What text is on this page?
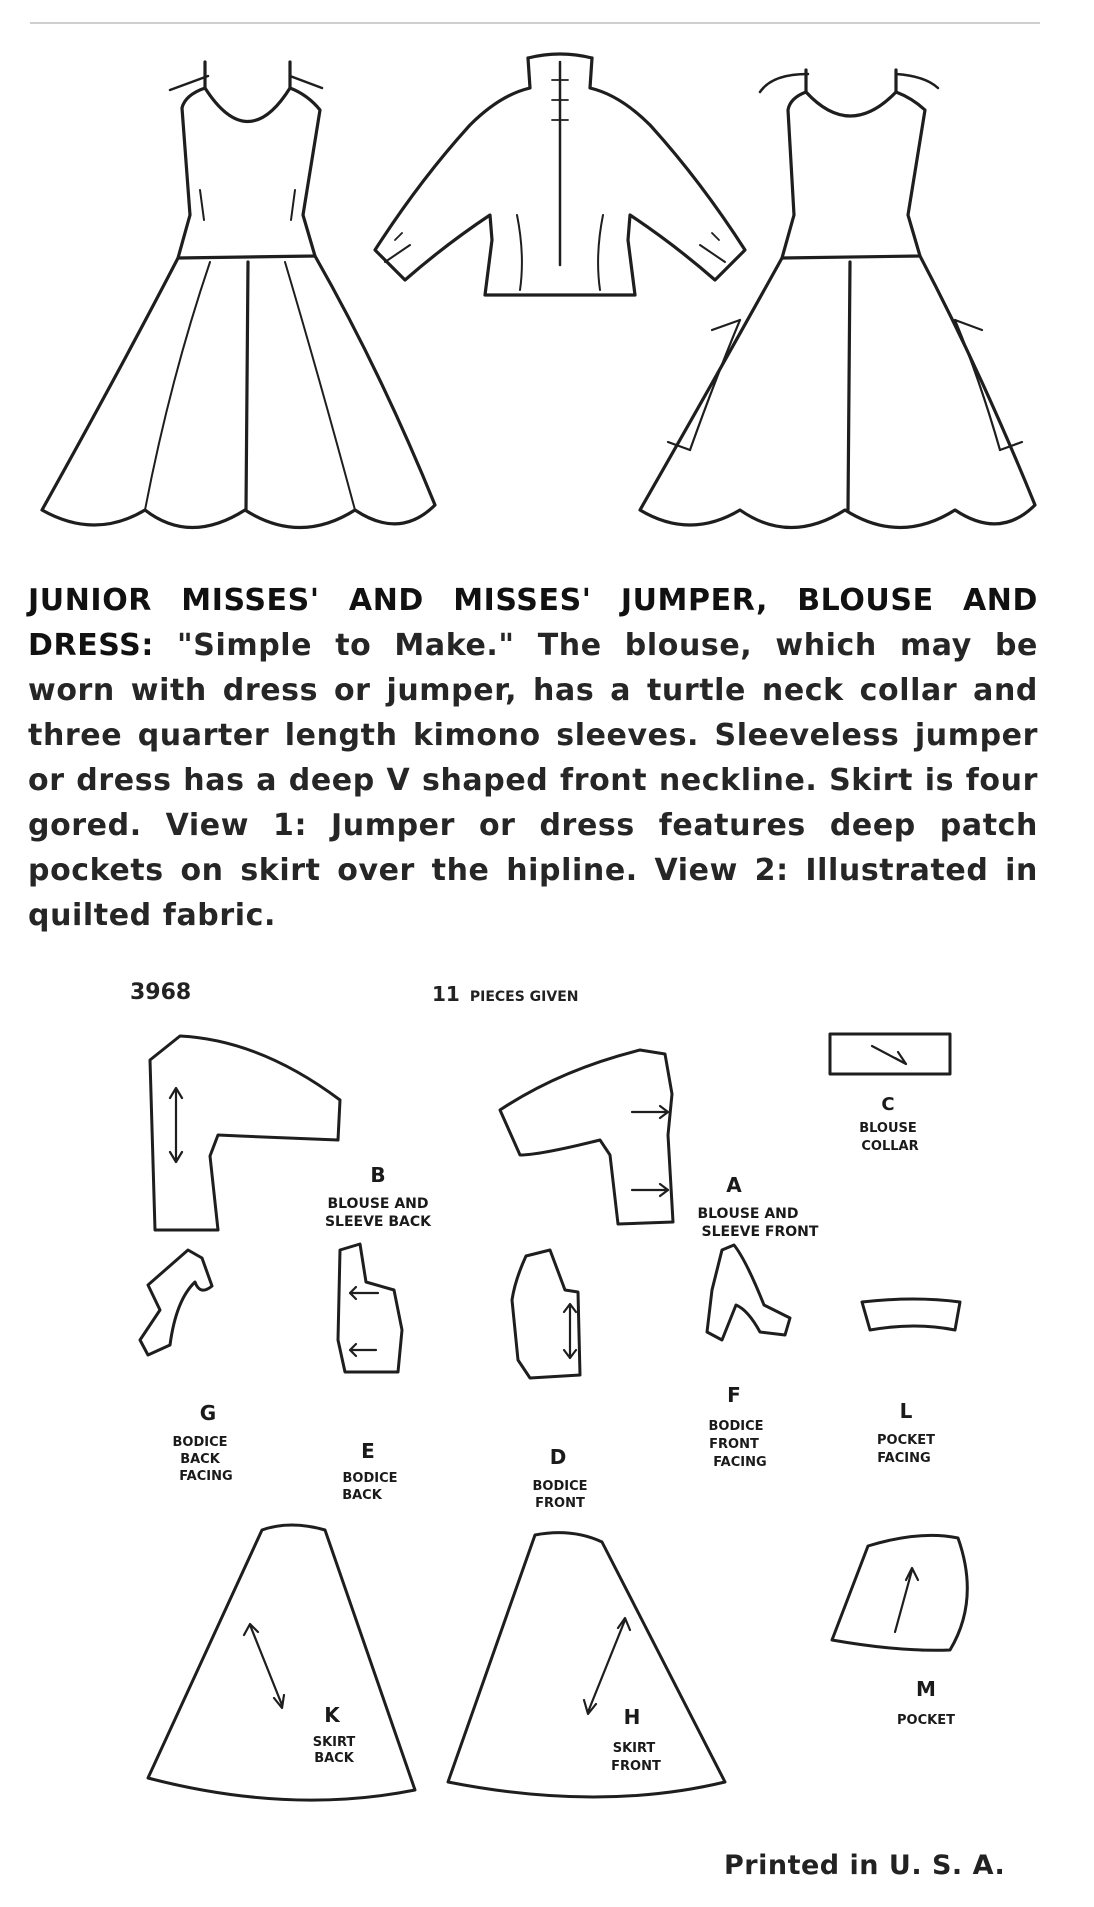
JUNIOR MISSES' AND MISSES' JUMPER, BLOUSE AND DRESS: "Simple to Make." The blouse, which may be worn with dress or jumper, has a turtle neck collar and three quarter length kimono sleeves. Sleeveless jumper or dress has a deep V shaped front neckline. Skirt is four gored. View 1: Jumper or dress features deep patch pockets on skirt over the hipline. View 2: Illustrated in quilted fabric.
3968	11 PIECES GIVEN
B
BLOUSE AND
SLEEVE BACK
A
BLOUSE AND
SLEEVE FRONT
C
BLOUSE
COLLAR
G
BODICE
BACK
FACING
E
BODICE
BACK
D
BODICE
FRONT
F
BODICE
FRONT
FACING
L
POCKET
FACING
K
SKIRT
BACK
H
SKIRT
FRONT
M
POCKET
Printed in U. S. A.
